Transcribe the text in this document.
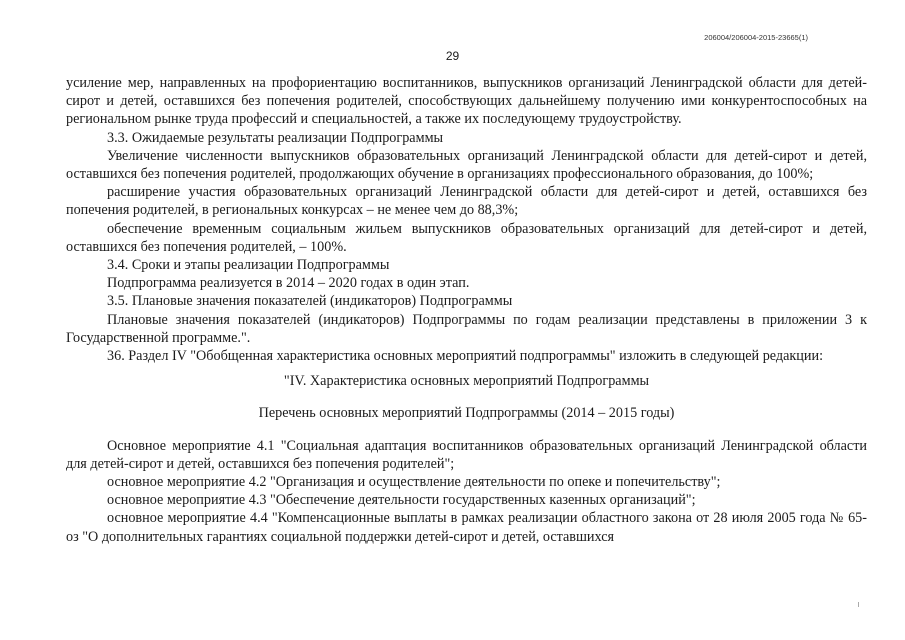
206004/206004-2015-23665(1)
29

усиление мер, направленных на профориентацию воспитанников, выпускников организаций Ленинградской области для детей-сирот и детей, оставшихся без попечения родителей, способствующих дальнейшему получению ими конкурентоспособных на региональном рынке труда профессий и специальностей, а также их последующему трудоустройству.

3.3. Ожидаемые результаты реализации Подпрограммы

Увеличение численности выпускников образовательных организаций Ленинградской области для детей-сирот и детей, оставшихся без попечения родителей, продолжающих обучение в организациях профессионального образования, до 100%;

расширение участия образовательных организаций Ленинградской области для детей-сирот и детей, оставшихся без попечения родителей, в региональных конкурсах – не менее чем до 88,3%;

обеспечение временным социальным жильем выпускников образовательных организаций для детей-сирот и детей, оставшихся без попечения родителей, – 100%.

3.4. Сроки и этапы реализации Подпрограммы

Подпрограмма реализуется в 2014 – 2020 годах в один этап.

3.5. Плановые значения показателей (индикаторов) Подпрограммы

Плановые значения показателей (индикаторов) Подпрограммы по годам реализации представлены в приложении 3 к Государственной программе.".

36. Раздел IV "Обобщенная характеристика основных мероприятий подпрограммы" изложить в следующей редакции:

"IV. Характеристика основных мероприятий Подпрограммы

Перечень основных мероприятий Подпрограммы (2014 – 2015 годы)

Основное мероприятие 4.1 "Социальная адаптация воспитанников образовательных организаций Ленинградской области для детей-сирот и детей, оставшихся без попечения родителей";

основное мероприятие 4.2 "Организация и осуществление деятельности по опеке и попечительству";

основное мероприятие 4.3 "Обеспечение деятельности государственных казенных организаций";

основное мероприятие 4.4 "Компенсационные выплаты в рамках реализации областного закона от 28 июля 2005 года № 65-оз "О дополнительных гарантиях социальной поддержки детей-сирот и детей, оставшихся
